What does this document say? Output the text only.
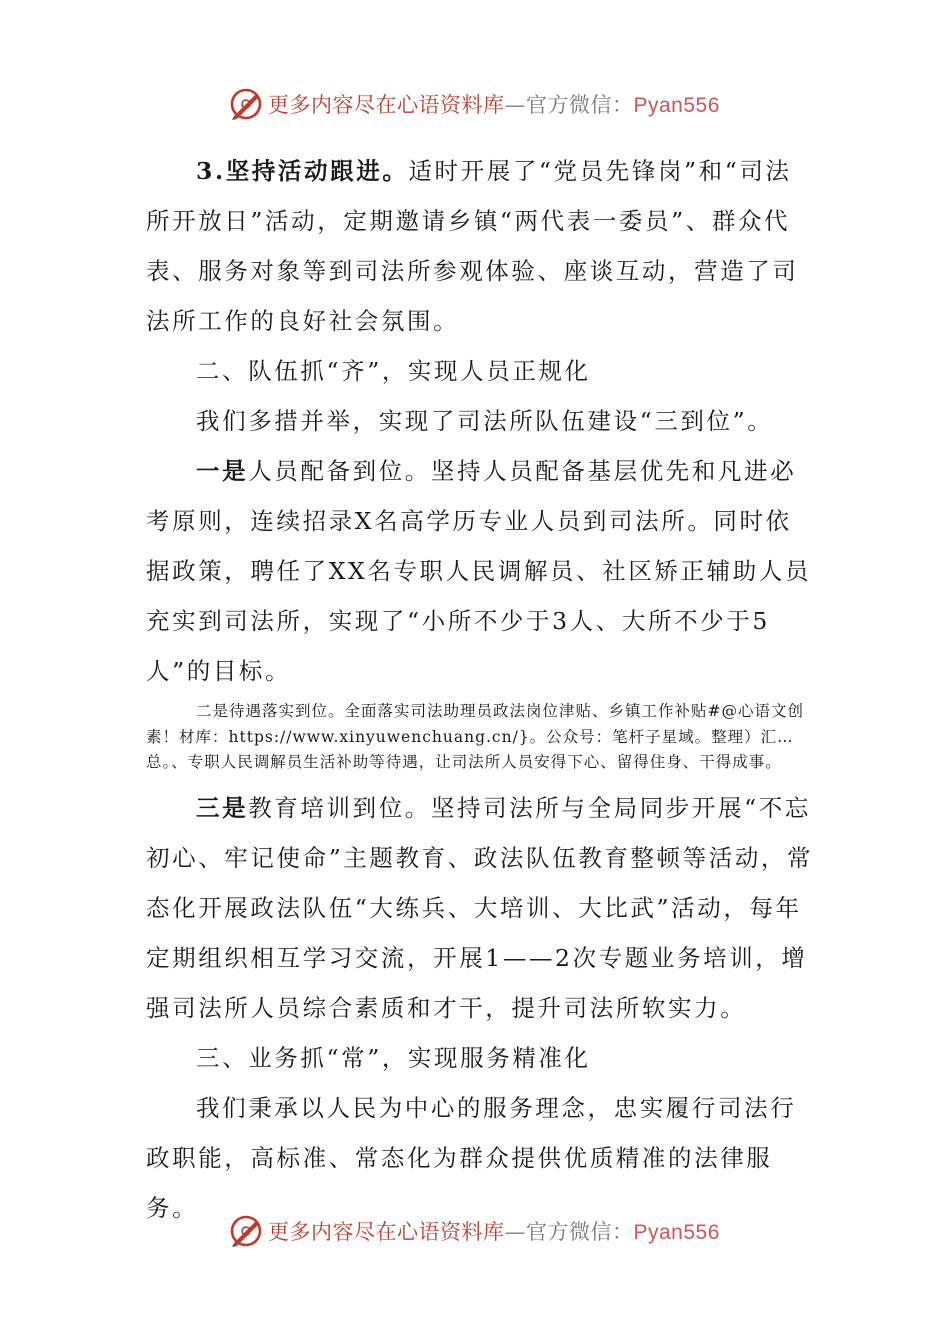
更多内容尽在心语资料库—官方微信：Pyan556

3.坚持活动跟进。适时开展了“党员先锋岗”和“司法所开放日”活动，定期邀请乡镇“两代表一委员”、群众代表、服务对象等到司法所参观体验、座谈互动，营造了司法所工作的良好社会氛围。

二、队伍抓“齐”，实现人员正规化

我们多措并举，实现了司法所队伍建设“三到位”。

一是人员配备到位。坚持人员配备基层优先和凡进必考原则，连续招录X名高学历专业人员到司法所。同时依据政策，聘任了XX名专职人民调解员、社区矫正辅助人员充实到司法所，实现了“小所不少于3人、大所不少于5人”的目标。

二是待遇落实到位。全面落实司法助理员政法岗位津贴、乡镇工作补贴#@心语文创素！材库：https://www.xinyuwenchuang.cn/}。公众号：笔杆子星域。整理）汇…总。、专职人民调解员生活补助等待遇，让司法所人员安得下心、留得住身、干得成事。

三是教育培训到位。坚持司法所与全局同步开展“不忘初心、牢记使命”主题教育、政法队伍教育整顿等活动，常态化开展政法队伍“大练兵、大培训、大比武”活动，每年定期组织相互学习交流，开展1——2次专题业务培训，增强司法所人员综合素质和才干，提升司法所软实力。

三、业务抓“常”，实现服务精准化

我们秉承以人民为中心的服务理念，忠实履行司法行政职能，高标准、常态化为群众提供优质精准的法律服务。

更多内容尽在心语资料库—官方微信：Pyan556
